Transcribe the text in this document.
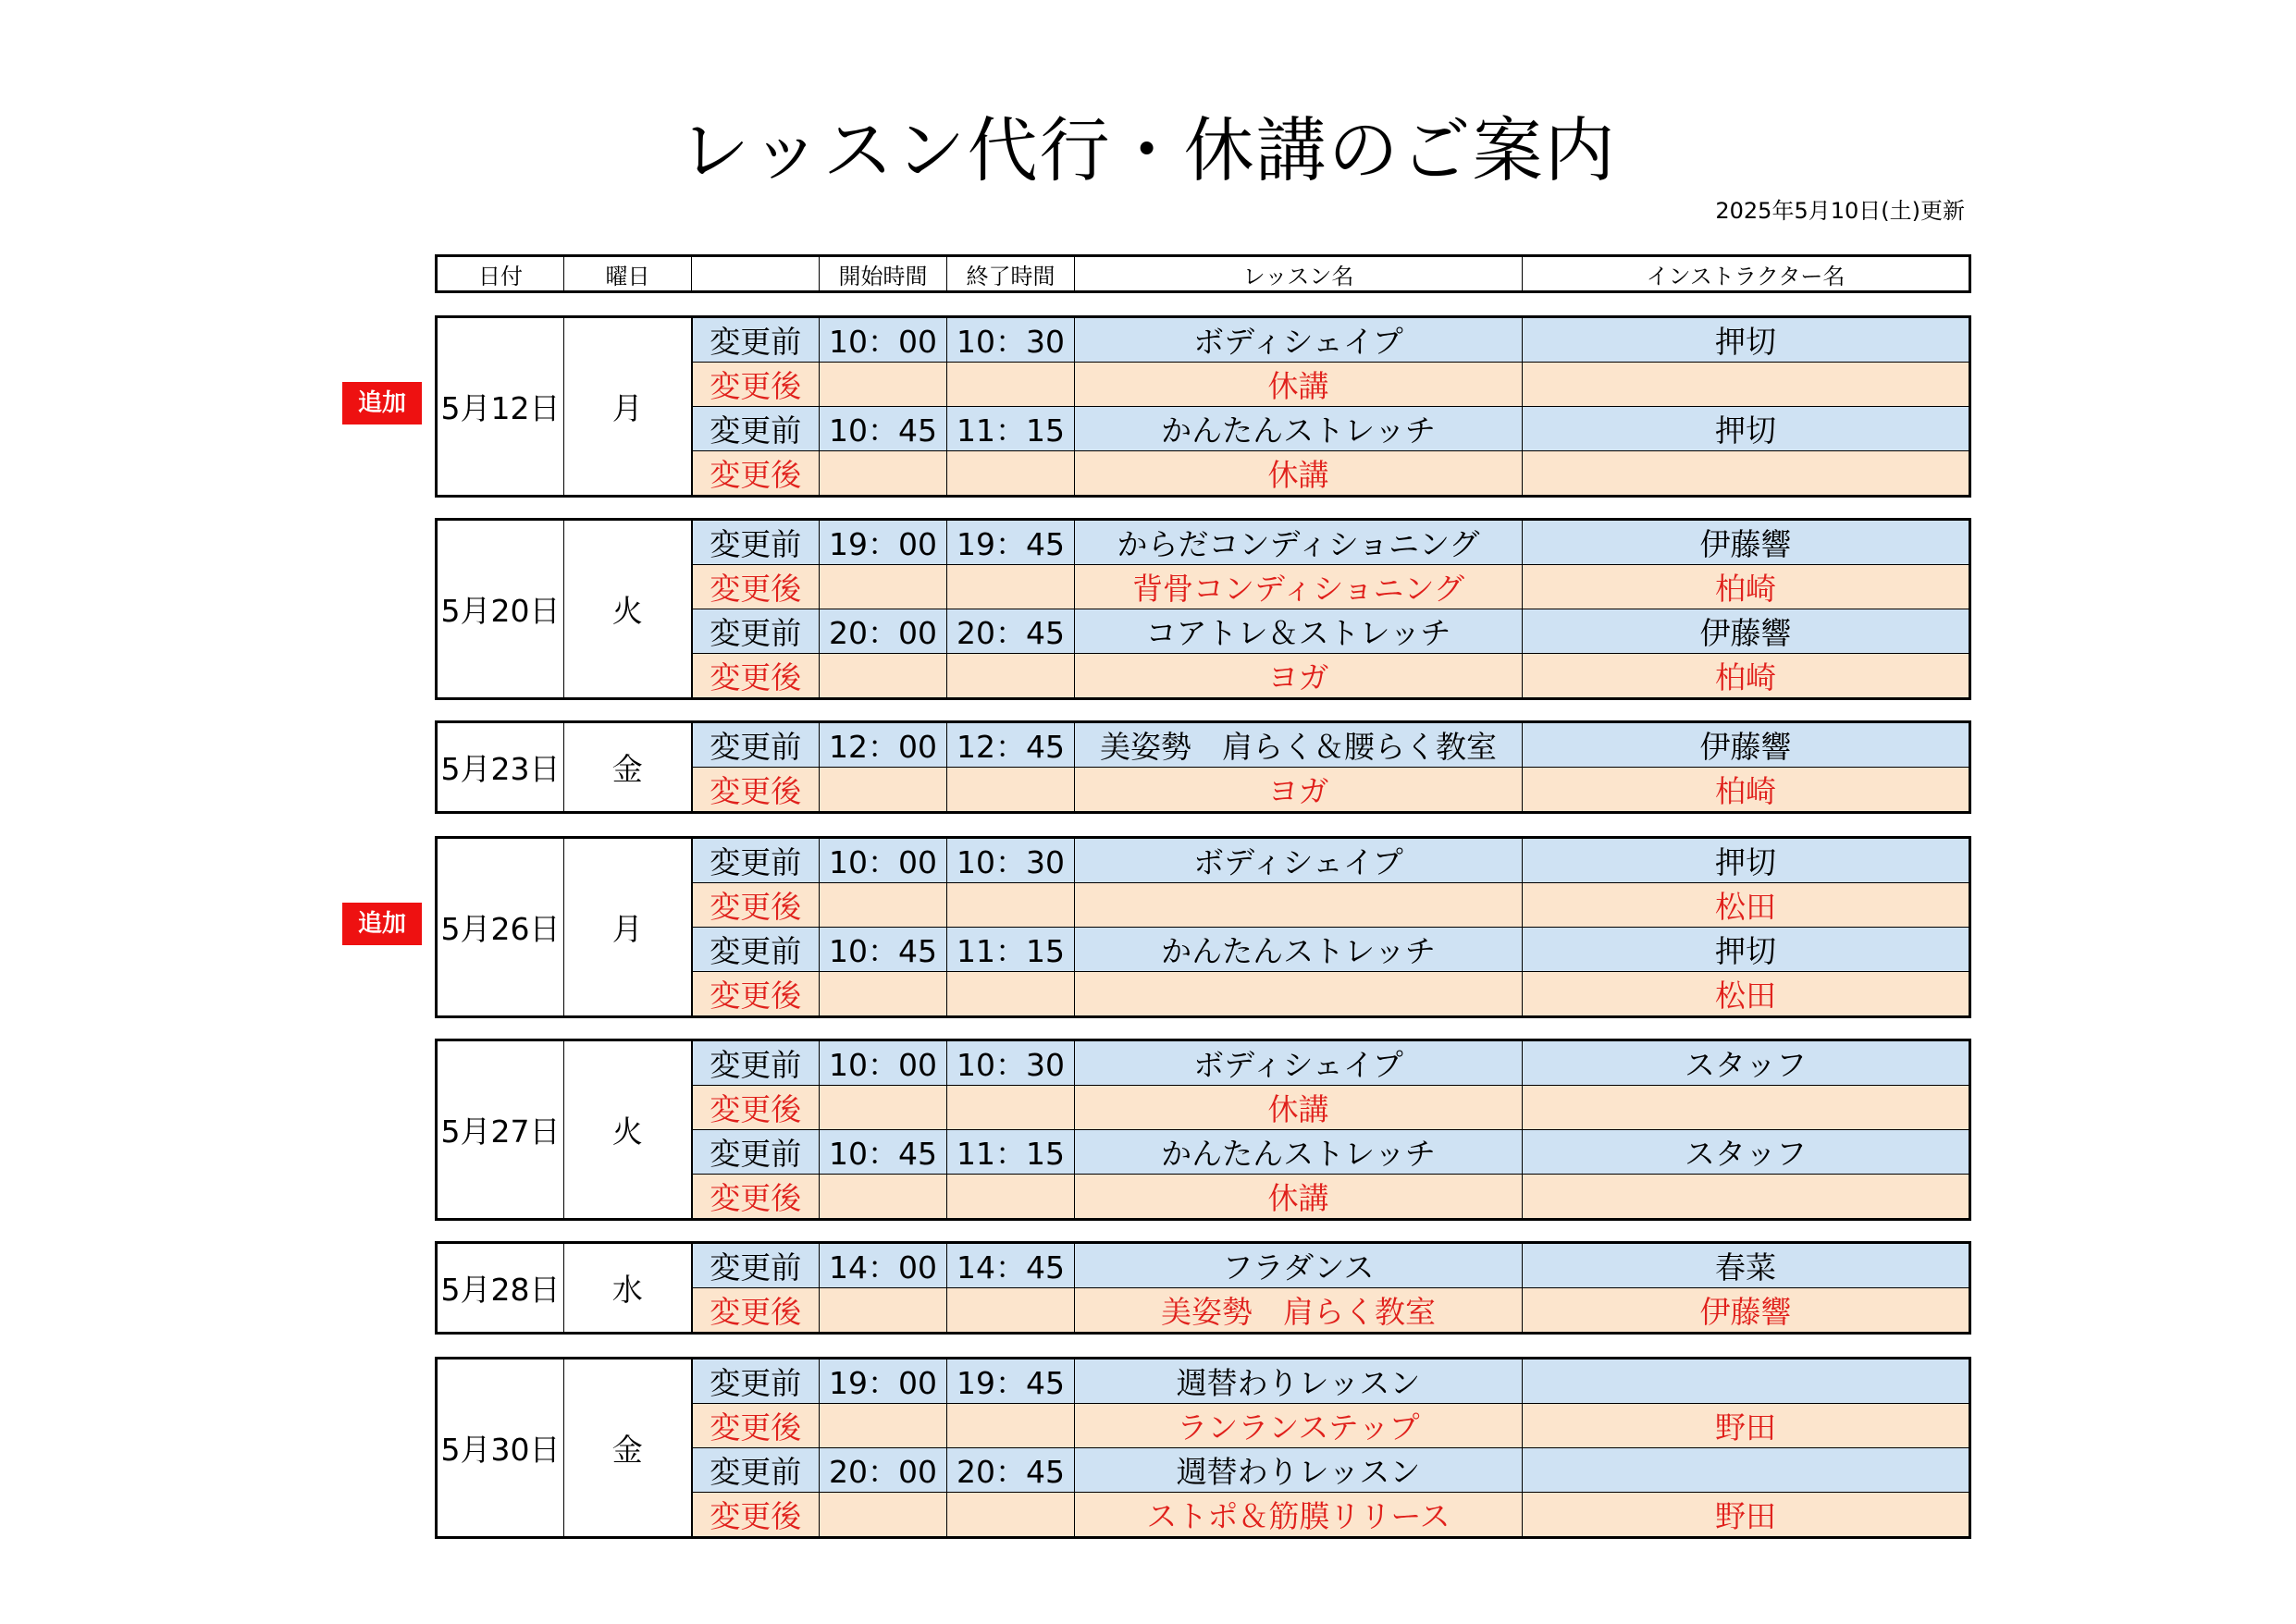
レッスン代行・休講のご案内
2025年5月10日(土)更新
日付	曜日		開始時間	終了時間	レッスン名	インストラクター名
5月12日	月	変更前	10：00	10：30	ボディシェイプ	押切
		変更後			休講	
		変更前	10：45	11：15	かんたんストレッチ	押切
		変更後			休講	
追加
5月20日	火	変更前	19：00	19：45	からだコンディショニング	伊藤響
		変更後			背骨コンディショニング	柏崎
		変更前	20：00	20：45	コアトレ＆ストレッチ	伊藤響
		変更後			ヨガ	柏崎
5月23日	金	変更前	12：00	12：45	美姿勢　肩らく＆腰らく教室	伊藤響
		変更後			ヨガ	柏崎
5月26日	月	変更前	10：00	10：30	ボディシェイプ	押切
		変更後				松田
		変更前	10：45	11：15	かんたんストレッチ	押切
		変更後				松田
追加
5月27日	火	変更前	10：00	10：30	ボディシェイプ	スタッフ
		変更後			休講	
		変更前	10：45	11：15	かんたんストレッチ	スタッフ
		変更後			休講	
5月28日	水	変更前	14：00	14：45	フラダンス	春菜
		変更後			美姿勢　肩らく教室	伊藤響
5月30日	金	変更前	19：00	19：45	週替わりレッスン	
		変更後			ランランステップ	野田
		変更前	20：00	20：45	週替わりレッスン	
		変更後			ストポ＆筋膜リリース	野田
